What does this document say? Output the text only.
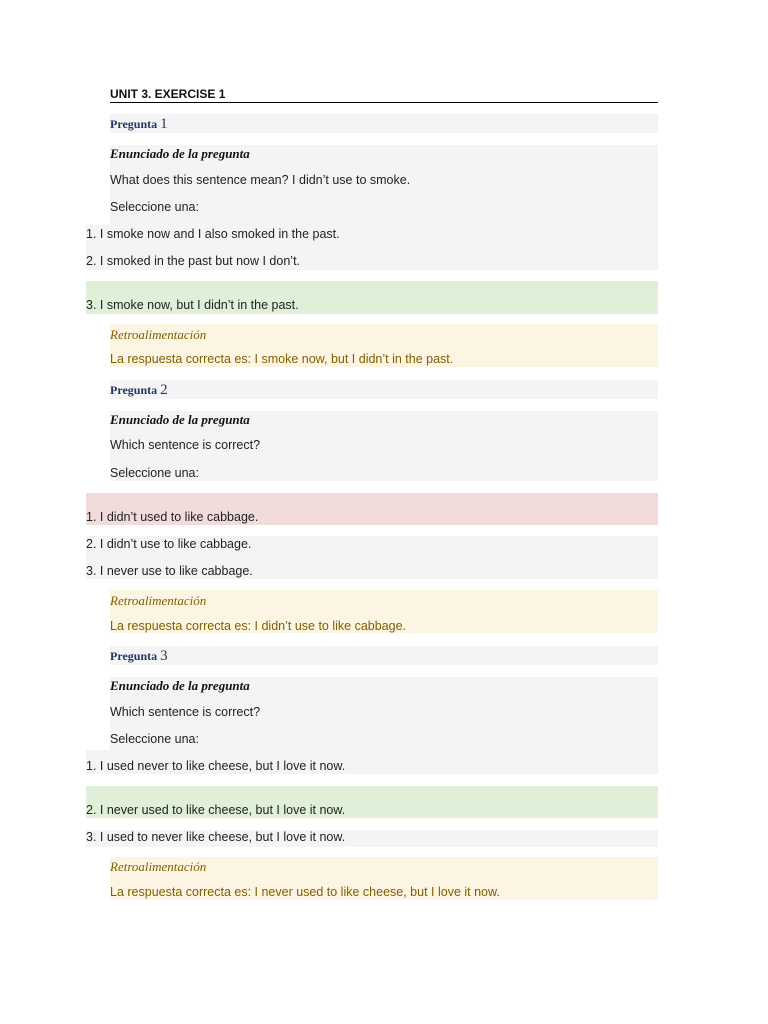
UNIT 3. EXERCISE 1
Pregunta 1
Enunciado de la pregunta
What does this sentence mean? I didn’t use to smoke.
Seleccione una:
1. I smoke now and I also smoked in the past.
2. I smoked in the past but now I don’t.
3. I smoke now, but I didn’t in the past.
Retroalimentación
La respuesta correcta es: I smoke now, but I didn’t in the past.
Pregunta 2
Enunciado de la pregunta
Which sentence is correct?
Seleccione una:
1. I didn’t used to like cabbage.
2. I didn’t use to like cabbage.
3. I never use to like cabbage.
Retroalimentación
La respuesta correcta es: I didn’t use to like cabbage.
Pregunta 3
Enunciado de la pregunta
Which sentence is correct?
Seleccione una:
1. I used never to like cheese, but I love it now.
2. I never used to like cheese, but I love it now.
3. I used to never like cheese, but I love it now.
Retroalimentación
La respuesta correcta es: I never used to like cheese, but I love it now.
